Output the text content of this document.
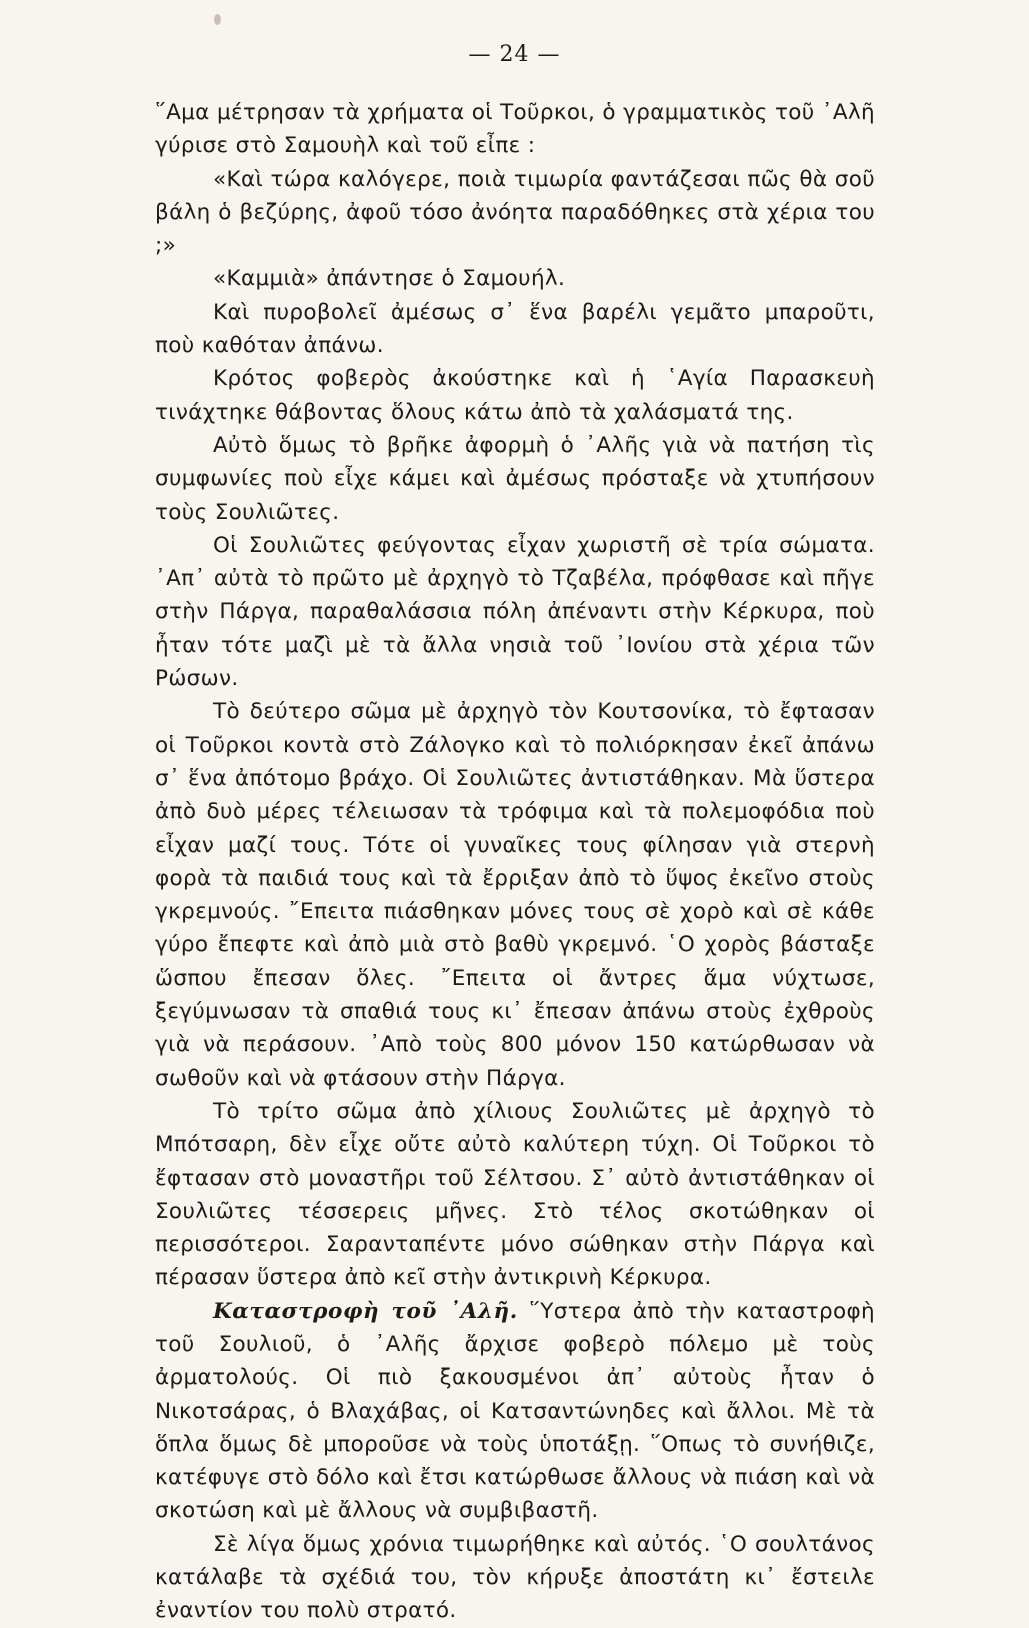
— 24 —

῞Αμα μέτρησαν τὰ χρήματα οἱ Τοῦρκοι, ὁ γραμματικὸς τοῦ ᾽Αλῆ γύρισε στὸ Σαμουὴλ καὶ τοῦ εἶπε :

«Καὶ τώρα καλόγερε, ποιὰ τιμωρία φαντάζεσαι πῶς θὰ σοῦ βάλη ὁ βεζύρης, ἀφοῦ τόσο ἀνόητα παραδόθηκες στὰ χέρια του ;»

«Καμμιὰ» ἀπάντησε ὁ Σαμουήλ.

Καὶ πυροβολεῖ ἀμέσως σ᾽ ἕνα βαρέλι γεμᾶτο μπαροῦτι, ποὺ καθόταν ἀπάνω.

Κρότος φοβερὸς ἀκούστηκε καὶ ἡ ῾Αγία Παρασκευὴ τινάχτηκε θάβοντας ὅλους κάτω ἀπὸ τὰ χαλάσματά της.

Αὐτὸ ὅμως τὸ βρῆκε ἀφορμὴ ὁ ᾽Αλῆς γιὰ νὰ πατήση τὶς συμφωνίες ποὺ εἶχε κάμει καὶ ἀμέσως πρόσταξε νὰ χτυπήσουν τοὺς Σουλιῶτες.

Οἱ Σουλιῶτες φεύγοντας εἶχαν χωριστῆ σὲ τρία σώματα. ᾽Απ᾽ αὐτὰ τὸ πρῶτο μὲ ἀρχηγὸ τὸ Τζαβέλα, πρόφθασε καὶ πῆγε στὴν Πάργα, παραθαλάσσια πόλη ἀπέναντι στὴν Κέρκυρα, ποὺ ἦταν τότε μαζὶ μὲ τὰ ἄλλα νησιὰ τοῦ ᾽Ιονίου στὰ χέρια τῶν Ρώσων.

Τὸ δεύτερο σῶμα μὲ ἀρχηγὸ τὸν Κουτσονίκα, τὸ ἔφτασαν οἱ Τοῦρκοι κοντὰ στὸ Ζάλογκο καὶ τὸ πολιόρκησαν ἐκεῖ ἀπάνω σ᾽ ἕνα ἀπότομο βράχο. Οἱ Σουλιῶτες ἀντιστάθηκαν. Μὰ ὕστερα ἀπὸ δυὸ μέρες τέλειωσαν τὰ τρόφιμα καὶ τὰ πολεμοφόδια ποὺ εἶχαν μαζί τους. Τότε οἱ γυναῖκες τους φίλησαν γιὰ στερνὴ φορὰ τὰ παιδιά τους καὶ τὰ ἔρριξαν ἀπὸ τὸ ὕψος ἐκεῖνο στοὺς γκρεμνούς. ῎Επειτα πιάσθηκαν μόνες τους σὲ χορὸ καὶ σὲ κάθε γύρο ἔπεφτε καὶ ἀπὸ μιὰ στὸ βαθὺ γκρεμνό. ῾Ο χορὸς βάσταξε ὥσπου ἔπεσαν ὅλες. ῎Επειτα οἱ ἄντρες ἅμα νύχτωσε, ξεγύμνωσαν τὰ σπαθιά τους κι᾽ ἔπεσαν ἀπάνω στοὺς ἐχθροὺς γιὰ νὰ περάσουν. ᾽Απὸ τοὺς 800 μόνον 150 κατώρθωσαν νὰ σωθοῦν καὶ νὰ φτάσουν στὴν Πάργα.

Τὸ τρίτο σῶμα ἀπὸ χίλιους Σουλιῶτες μὲ ἀρχηγὸ τὸ Μπότσαρη, δὲν εἶχε οὔτε αὐτὸ καλύτερη τύχη. Οἱ Τοῦρκοι τὸ ἔφτασαν στὸ μοναστῆρι τοῦ Σέλτσου. Σ᾽ αὐτὸ ἀντιστάθηκαν οἱ Σουλιῶτες τέσσερεις μῆνες. Στὸ τέλος σκοτώθηκαν οἱ περισσότεροι. Σαρανταπέντε μόνο σώθηκαν στὴν Πάργα καὶ πέρασαν ὕστερα ἀπὸ κεῖ στὴν ἀντικρινὴ Κέρκυρα.

Καταστροφὴ τοῦ ᾽Αλῆ. ῞Υστερα ἀπὸ τὴν καταστροφὴ τοῦ Σουλιοῦ, ὁ ᾽Αλῆς ἄρχισε φοβερὸ πόλεμο μὲ τοὺς ἀρματολούς. Οἱ πιὸ ξακουσμένοι ἀπ᾽ αὐτοὺς ἦταν ὁ Νικοτσάρας, ὁ Βλαχάβας, οἱ Κατσαντώνηδες καὶ ἄλλοι. Μὲ τὰ ὅπλα ὅμως δὲ μποροῦσε νὰ τοὺς ὑποτάξῃ. ῞Οπως τὸ συνήθιζε, κατέφυγε στὸ δόλο καὶ ἔτσι κατώρθωσε ἄλλους νὰ πιάση καὶ νὰ σκοτώση καὶ μὲ ἄλλους νὰ συμβιβαστῆ.

Σὲ λίγα ὅμως χρόνια τιμωρήθηκε καὶ αὐτός. ῾Ο σουλτάνος κατάλαβε τὰ σχέδιά του, τὸν κήρυξε ἀποστάτη κι᾽ ἔστειλε ἐναντίον του πολὺ στρατό.
